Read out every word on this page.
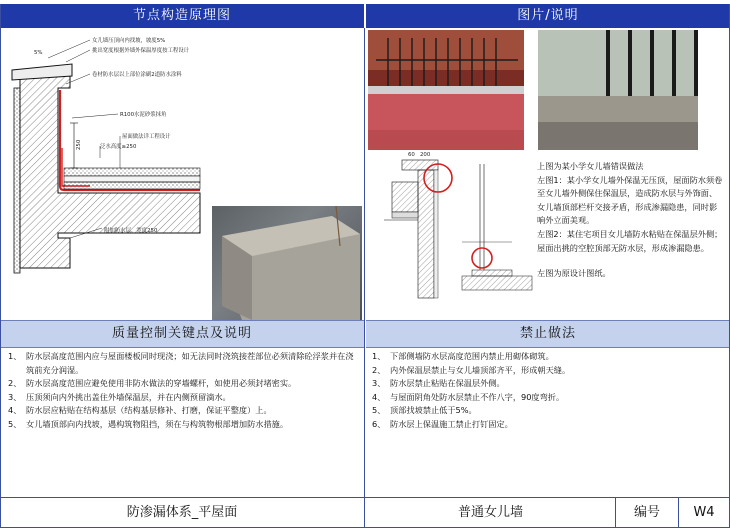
节点构造原理图	图片/说明
250
5%
女儿墙压顶向内找坡，坡度5%
挑出宽度根据外墙外保温厚度按工程设计
卷材防水层以上部位涂刷2道防水涂料
R100水泥砂浆抹角
屋面做法详工程设计
泛水高度≥250
附加防水层，宽度250
60 200

上图为某小学女儿墙错误做法

左图1：某小学女儿墙外保温无压顶，屋面防水须卷至女儿墙外侧保住保温层，造成防水层与外饰面、女儿墙顶部栏杆交接矛盾，形成渗漏隐患，同时影响外立面美观。

左图2：某住宅项目女儿墙防水粘贴在保温层外侧；屋面出挑的空腔顶部无防水层，形成渗漏隐患。

左图为原设计图纸。

质量控制关键点及说明	禁止做法
1、 防水层高度范围内应与屋面楼板同时现浇；如无法同时浇筑接茬部位必须清除砼浮浆并在浇筑前充分润湿。
2、 防水层高度范围应避免使用非防水做法的穿墙螺杆，如使用必须封堵密实。
3、 压顶须向内外挑出盖住外墙保温层，并在内侧预留滴水。
4、 防水层应粘贴在结构基层（结构基层修补、打磨，保证平整度）上。
5、 女儿墙顶部向内找坡，遇构筑物阻挡，须在与构筑物根部增加防水措施。
1、 下部侧墙防水层高度范围内禁止用砌体砌筑。
2、 内外保温层禁止与女儿墙顶部齐平，形成朝天缝。
3、 防水层禁止粘贴在保温层外侧。
4、 与屋面阴角处防水层禁止不作八字，90度弯折。
5、 顶部找坡禁止低于5%。
6、 防水层上保温施工禁止打钉固定。
防渗漏体系_平屋面	普通女儿墙	编号	W4
